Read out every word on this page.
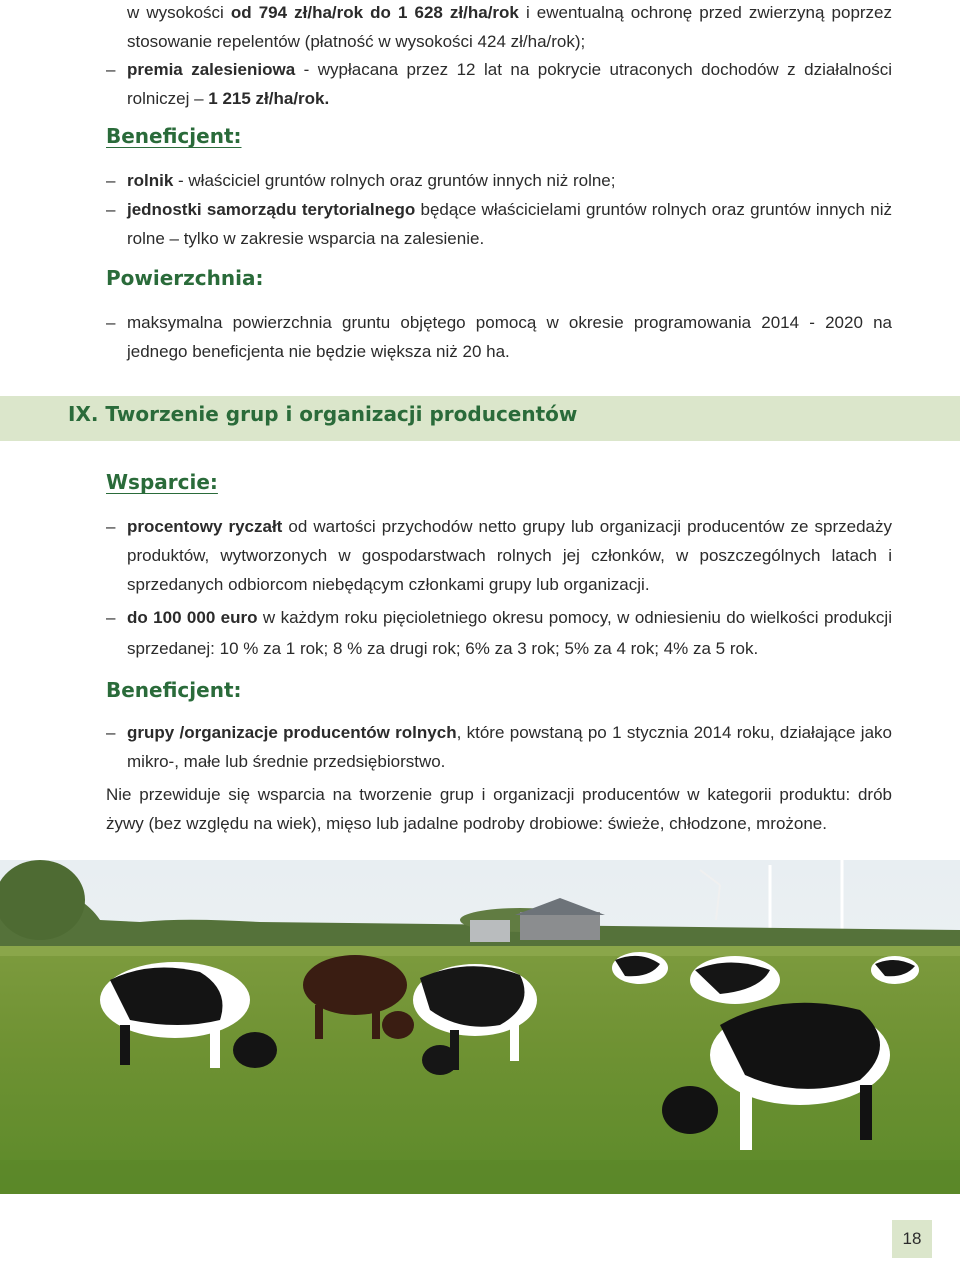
w wysokości od 794 zł/ha/rok do 1 628 zł/ha/rok i ewentualną ochronę przed zwierzyną poprzez stosowanie repelentów (płatność w wysokości 424 zł/ha/rok);
– premia zalesieniowa - wypłacana przez 12 lat na pokrycie utraconych dochodów z działalności rolniczej – 1 215 zł/ha/rok.
Beneficjent:
– rolnik - właściciel gruntów rolnych oraz gruntów innych niż rolne;
– jednostki samorządu terytorialnego będące właścicielami gruntów rolnych oraz gruntów innych niż rolne – tylko w zakresie wsparcia na zalesienie.
Powierzchnia:
– maksymalna powierzchnia gruntu objętego pomocą w okresie programowania 2014 - 2020 na jednego beneficjenta nie będzie większa niż 20 ha.
IX. Tworzenie grup i organizacji producentów
Wsparcie:
– procentowy ryczałt od wartości przychodów netto grupy lub organizacji producentów ze sprzedaży produktów, wytworzonych w gospodarstwach rolnych jej członków, w poszczególnych latach i sprzedanych odbiorcom niebędącym członkami grupy lub organizacji.
– do 100 000 euro w każdym roku pięcioletniego okresu pomocy, w odniesieniu do wielkości produkcji sprzedanej: 10 % za 1 rok; 8 % za drugi rok; 6% za 3 rok; 5% za 4 rok; 4% za 5 rok.
Beneficjent:
– grupy /organizacje producentów rolnych, które powstaną po 1 stycznia 2014 roku, działające jako mikro-, małe lub średnie przedsiębiorstwo.
Nie przewiduje się wsparcia na tworzenie grup i organizacji producentów w kategorii produktu: drób żywy (bez względu na wiek), mięso lub jadalne podroby drobiowe: świeże, chłodzone, mrożone.
18
